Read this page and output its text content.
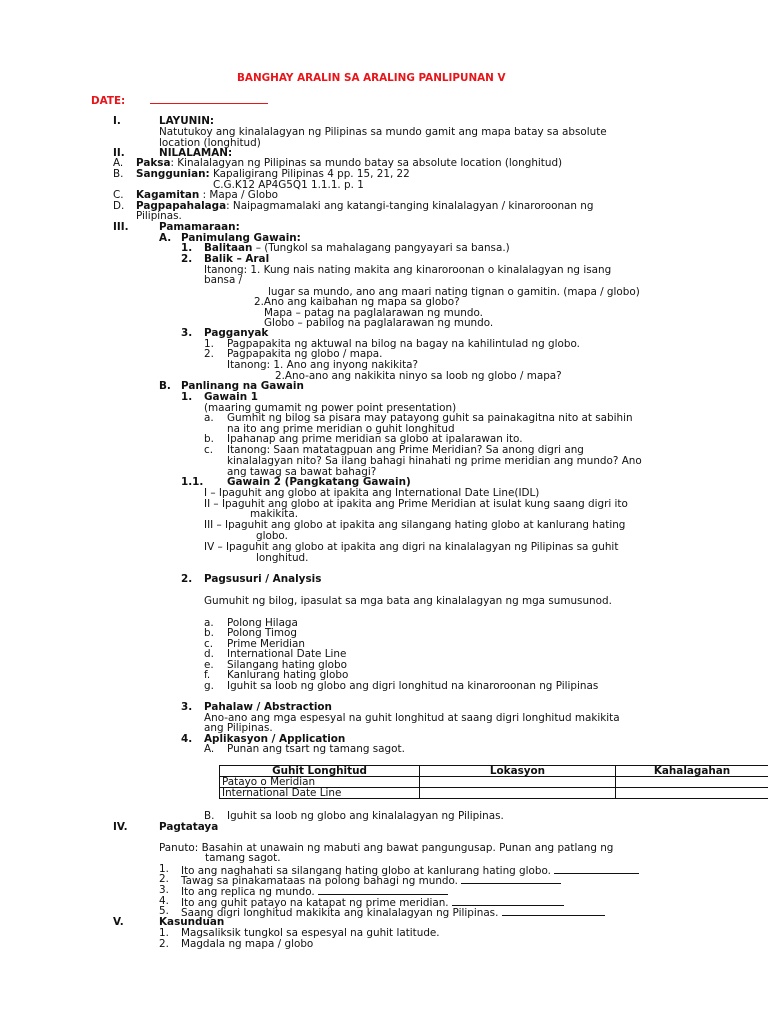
BANGHAY ARALIN SA ARALING PANLIPUNAN V
DATE:
I.	LAYUNIN:
Natutukoy ang kinalalagyan ng Pilipinas sa mundo gamit ang mapa batay sa absolute
location (longhitud)
II.	NILALAMAN:
A. Paksa: Kinalalagyan ng Pilipinas sa mundo batay sa absolute location (longhitud)
B. Sanggunian: Kapaligirang Pilipinas 4 pp. 15, 21, 22
C.G.K12 AP4G5Q1 1.1.1. p. 1
C. Kagamitan : Mapa / Globo
D. Pagpapahalaga: Naipagmamalaki ang katangi-tanging kinalalagyan / kinaroroonan ng
Pilipinas.
III.	Pamamaraan:
A. Panimulang Gawain:
1. Balitaan – (Tungkol sa mahalagang pangyayari sa bansa.)
2. Balik – Aral
Itanong: 1. Kung nais nating makita ang kinaroroonan o kinalalagyan ng isang
bansa /
lugar sa mundo, ano ang maari nating tignan o gamitin. (mapa / globo)
2.Ano ang kaibahan ng mapa sa globo?
Mapa – patag na paglalarawan ng mundo.
Globo – pabilog na paglalarawan ng mundo.
3. Pagganyak
1. Pagpapakita ng aktuwal na bilog na bagay na kahilintulad ng globo.
2. Pagpapakita ng globo / mapa.
Itanong: 1. Ano ang inyong nakikita?
2.Ano-ano ang nakikita ninyo sa loob ng globo / mapa?
B. Panlinang na Gawain
1. Gawain 1
(maaring gumamit ng power point presentation)
a. Gumhit ng bilog sa pisara may patayong guhit sa painakagitna nito at sabihin
na ito ang prime meridian o guhit longhitud
b. Ipahanap ang prime meridian sa globo at ipalarawan ito.
c. Itanong: Saan matatagpuan ang Prime Meridian? Sa anong digri ang
kinalalagyan nito? Sa ilang bahagi hinahati ng prime meridian ang mundo? Ano
ang tawag sa bawat bahagi?
1.1. Gawain 2 (Pangkatang Gawain)
I – Ipaguhit ang globo at ipakita ang International Date Line(IDL)
II – Ipaguhit ang globo at ipakita ang Prime Meridian at isulat kung saang digri ito
makikita.
III – Ipaguhit ang globo at ipakita ang silangang hating globo at kanlurang hating
globo.
IV – Ipaguhit ang globo at ipakita ang digri na kinalalagyan ng Pilipinas sa guhit
longhitud.
2. Pagsusuri / Analysis
Gumuhit ng bilog, ipasulat sa mga bata ang kinalalagyan ng mga sumusunod.
a. Polong Hilaga
b. Polong Timog
c. Prime Meridian
d. International Date Line
e. Silangang hating globo
f. Kanlurang hating globo
g. Iguhit sa loob ng globo ang digri longhitud na kinaroroonan ng Pilipinas
3. Pahalaw / Abstraction
Ano-ano ang mga espesyal na guhit longhitud at saang digri longhitud makikita
ang Pilipinas.
4. Aplikasyon / Application
A. Punan ang tsart ng tamang sagot.
Guhit Longhitud	Lokasyon	Kahalagahan
Patayo o Meridian		
International Date Line		
B. Iguhit sa loob ng globo ang kinalalagyan ng Pilipinas.
IV.	Pagtataya
Panuto: Basahin at unawain ng mabuti ang bawat pangungusap. Punan ang patlang ng
tamang sagot.
1. Ito ang naghahati sa silangang hating globo at kanlurang hating globo.
2. Tawag sa pinakamataas na polong bahagi ng mundo.
3. Ito ang replica ng mundo.
4. Ito ang guhit patayo na katapat ng prime meridian.
5. Saang digri longhitud makikita ang kinalalagyan ng Pilipinas.
V.	Kasunduan
1. Magsaliksik tungkol sa espesyal na guhit latitude.
2. Magdala ng mapa / globo
